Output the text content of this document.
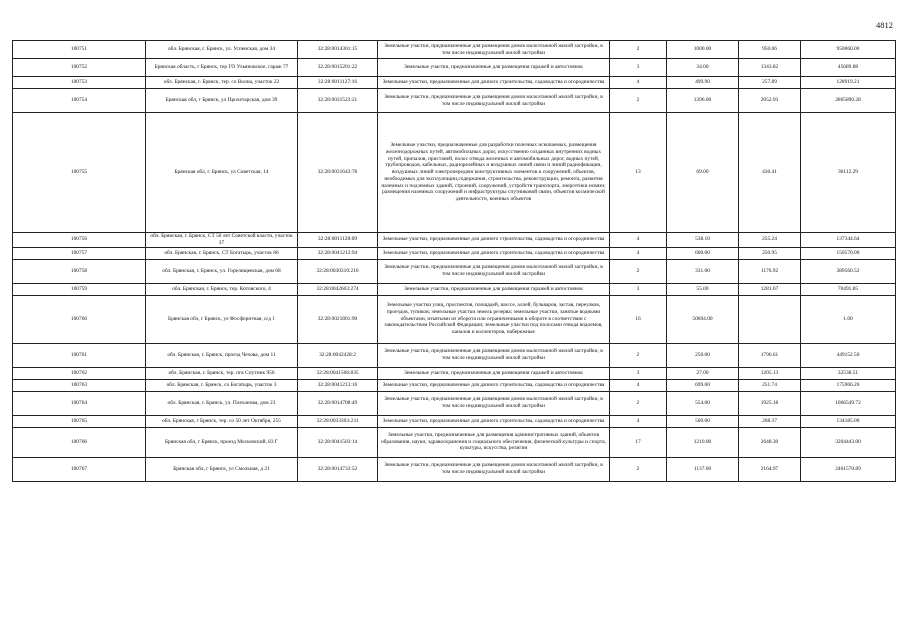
4812
100751	обл. Брянская, г. Брянск, ул. Успенская, дом 34	32:28:0014301:15	Земельные участки, предназначенные для размещения домов малоэтажной жилой застройки, в том числе индивидуальной жилой застройки	2	1000.00	950.06	950060.00
100752	Брянская область, г Брянск, тер ГО Ульяновское, гараж 77	32:28:0015201:22	Земельные участки, предназначенные для размещения гаражей и автостоянок	3	34.00	1343.82	45689.88
100753	обл. Брянская, г. Брянск, тер. со Волна, участок 22	32:28:0011127:16	Земельные участки, предназначенные для дачного строительства, садоводства и огородничества	4	499.90	257.89	128919.21
100754	Брянская обл, г Брянск, ул Пролетарская, дом 39	32:28:0031523:21	Земельные участки, предназначенные для размещения домов малоэтажной жилой застройки, в том числе индивидуальной жилой застройки	2	1396.00	2052.93	2865890.28
100755	Брянская обл, г. Брянск, ул Советская, 14	32:28:0031643:78	Земельные участки, предназначенные для разработки полезных ископаемых, размещения железнодорожных путей, автомобильных дорог, искусственно созданных внутренних водных путей, причалов, пристаней, полос отвода железных и автомобильных дорог, водных путей, трубопроводов, кабельных, радиорелейных и воздушных линий связи и линий радиофикации, воздушных линий электропередачи конструктивных элементов и сооружений, объектов, необходимых для эксплуатации,содержания, строительства, реконструкции, ремонта, развития наземных и подземных зданий, строений, сооружений, устройств транспорта, энергетики исвязи; размещения наземных сооружений и инфраструктуры спутниковой связи, объектов космической деятельности, военных объектов	13	69.00	436.41	30112.29
100756	обл. Брянская, г. Брянск, СТ 50 лет Советской власти, участок 37	32:28:0011128:69	Земельные участки, предназначенные для дачного строительства, садоводства и огородничества	4	538.10	255.24	137344.64
100757	обл. Брянская, г. Брянск, СТ Богатырь, участок 86	32:28:0041213:94	Земельные участки, предназначенные для дачного строительства, садоводства и огородничества	4	600.00	250.95	150570.00
100758	обл. Брянская, г. Брянск, ул. Горелищевская, дом 68	32:28:0030310:216	Земельные участки, предназначенные для размещения домов малоэтажной жилой застройки, в том числе индивидуальной жилой застройки	2	331.00	1176.92	389560.52
100759	обл. Брянская, г. Брянск, тер. Котовского, 4	32:28:0042603:274	Земельные участки, предназначенные для размещения гаражей и автостоянок	3	55.00	1281.67	70491.85
100760	Брянская обл, г Брянск, ул Фосфоритная, о/д 1	32:28:0021801:90	Земельные участки улиц, проспектов, площадей, шоссе, аллей, бульваров, застав, переулков, проездов, тупиков; земельные участки земель резерва; земельные участки, занятые водными объектами, изъятыми из оборота или ограниченными в обороте в соответствии с законодательством Российской Федерации; земельные участки под полосами отвода водоемов, каналов и коллекторов, набережные	16	50694.00		1.00
100761	обл. Брянская, г. Брянск, проезд Чехова, дом 11	32:28:0042428:2	Земельные участки, предназначенные для размещения домов малоэтажной жилой застройки, в том числе индивидуальной жилой застройки	2	250.00	1796.61	449152.50
100762	обл. Брянская, г. Брянск, тер. пгк Спутник 956	32:28:0041506:835	Земельные участки, предназначенные для размещения гаражей и автостоянок	3	27.00	1205.13	32538.51
100763	обл. Брянская, г. Брянск, со Богатырь, участок 3	32:28:0041213:16	Земельные участки, предназначенные для дачного строительства, садоводства и огородничества	4	699.00	251.74	175966.26
100764	обл. Брянская, г. Брянск, ул. Плеханова, дом 23	32:28:0014708:49	Земельные участки, предназначенные для размещения домов малоэтажной жилой застройки, в том числе индивидуальной жилой застройки	2	554.00	1925.18	1066549.72
100765	обл. Брянская, г Брянск, тер. со 50 лет Октября, 255	32:28:0033303:231	Земельные участки, предназначенные для дачного строительства, садоводства и огородничества	4	500.00	268.37	134185.00
100766	Брянская обл, г Брянск, проезд Московский, 83 Г	32:28:0041503:14	Земельные участки, предназначенные для размещения административных зданий, объектов образования, науки, здравоохранения и социального обеспечения, физической культуры и спорта, культуры, искусства, религии	17	1210.00	2648.30	3204443.00
100767	Брянская обл, г Брянск, ул Смольная, д 21	32:28:0014733:52	Земельные участки, предназначенные для размещения домов малоэтажной жилой застройки, в том числе индивидуальной жилой застройки	2	1137.00	2164.97	2461570.89
